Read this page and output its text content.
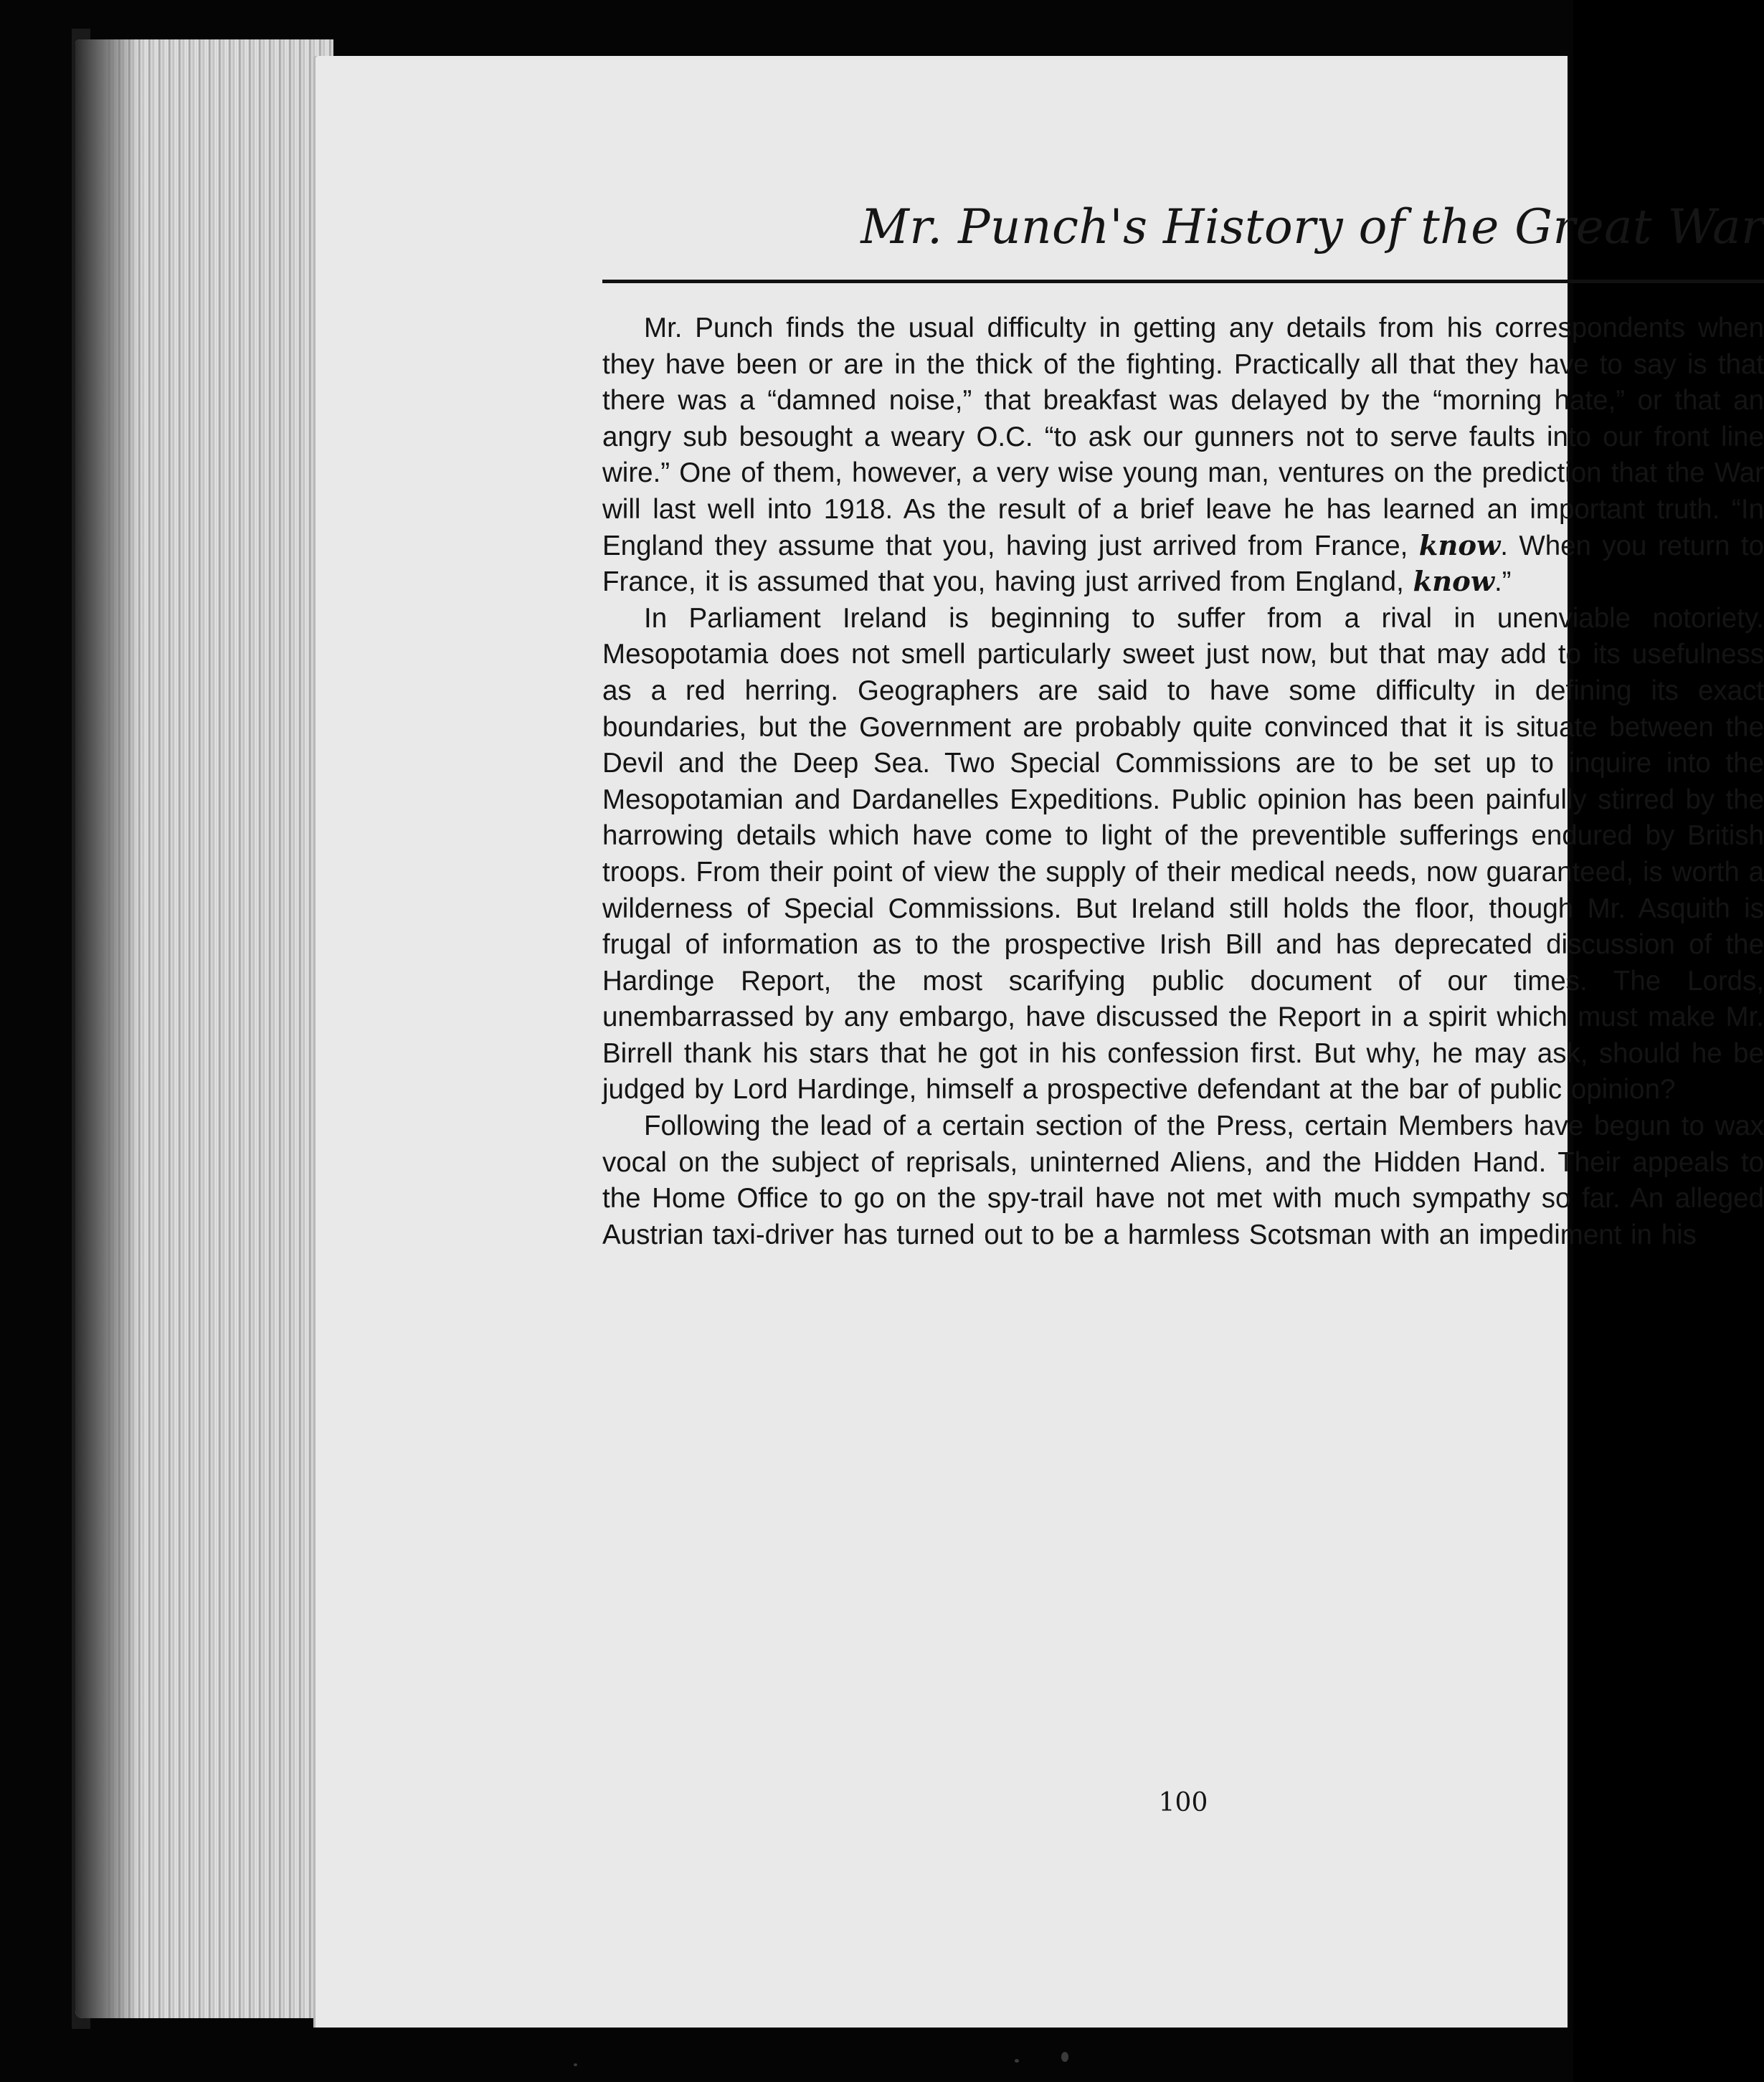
Mr. Punch's History of the Great War

Mr. Punch finds the usual difficulty in getting any details from his correspondents when they have been or are in the thick of the fighting. Practically all that they have to say is that there was a “damned noise,” that breakfast was delayed by the “morning hate,” or that an angry sub besought a weary O.C. “to ask our gunners not to serve faults into our front line wire.” One of them, however, a very wise young man, ventures on the prediction that the War will last well into 1918. As the result of a brief leave he has learned an important truth. “In England they assume that you, having just arrived from France, know. When you return to France, it is assumed that you, having just arrived from England, know.”

In Parliament Ireland is beginning to suffer from a rival in unenviable notoriety. Mesopotamia does not smell particularly sweet just now, but that may add to its usefulness as a red herring. Geographers are said to have some difficulty in defining its exact boundaries, but the Government are probably quite convinced that it is situate between the Devil and the Deep Sea. Two Special Commissions are to be set up to inquire into the Mesopotamian and Dardanelles Expeditions. Public opinion has been painfully stirred by the harrowing details which have come to light of the preventible sufferings endured by British troops. From their point of view the supply of their medical needs, now guaranteed, is worth a wilderness of Special Commissions. But Ireland still holds the floor, though Mr. Asquith is frugal of information as to the prospective Irish Bill and has deprecated discussion of the Hardinge Report, the most scarifying public document of our times. The Lords, unembarrassed by any embargo, have discussed the Report in a spirit which must make Mr. Birrell thank his stars that he got in his confession first. But why, he may ask, should he be judged by Lord Hardinge, himself a prospective defendant at the bar of public opinion?

Following the lead of a certain section of the Press, certain Members have begun to wax vocal on the subject of reprisals, uninterned Aliens, and the Hidden Hand. Their appeals to the Home Office to go on the spy-trail have not met with much sympathy so far. An alleged Austrian taxi-driver has turned out to be a harmless Scotsman with an impediment in his

100
